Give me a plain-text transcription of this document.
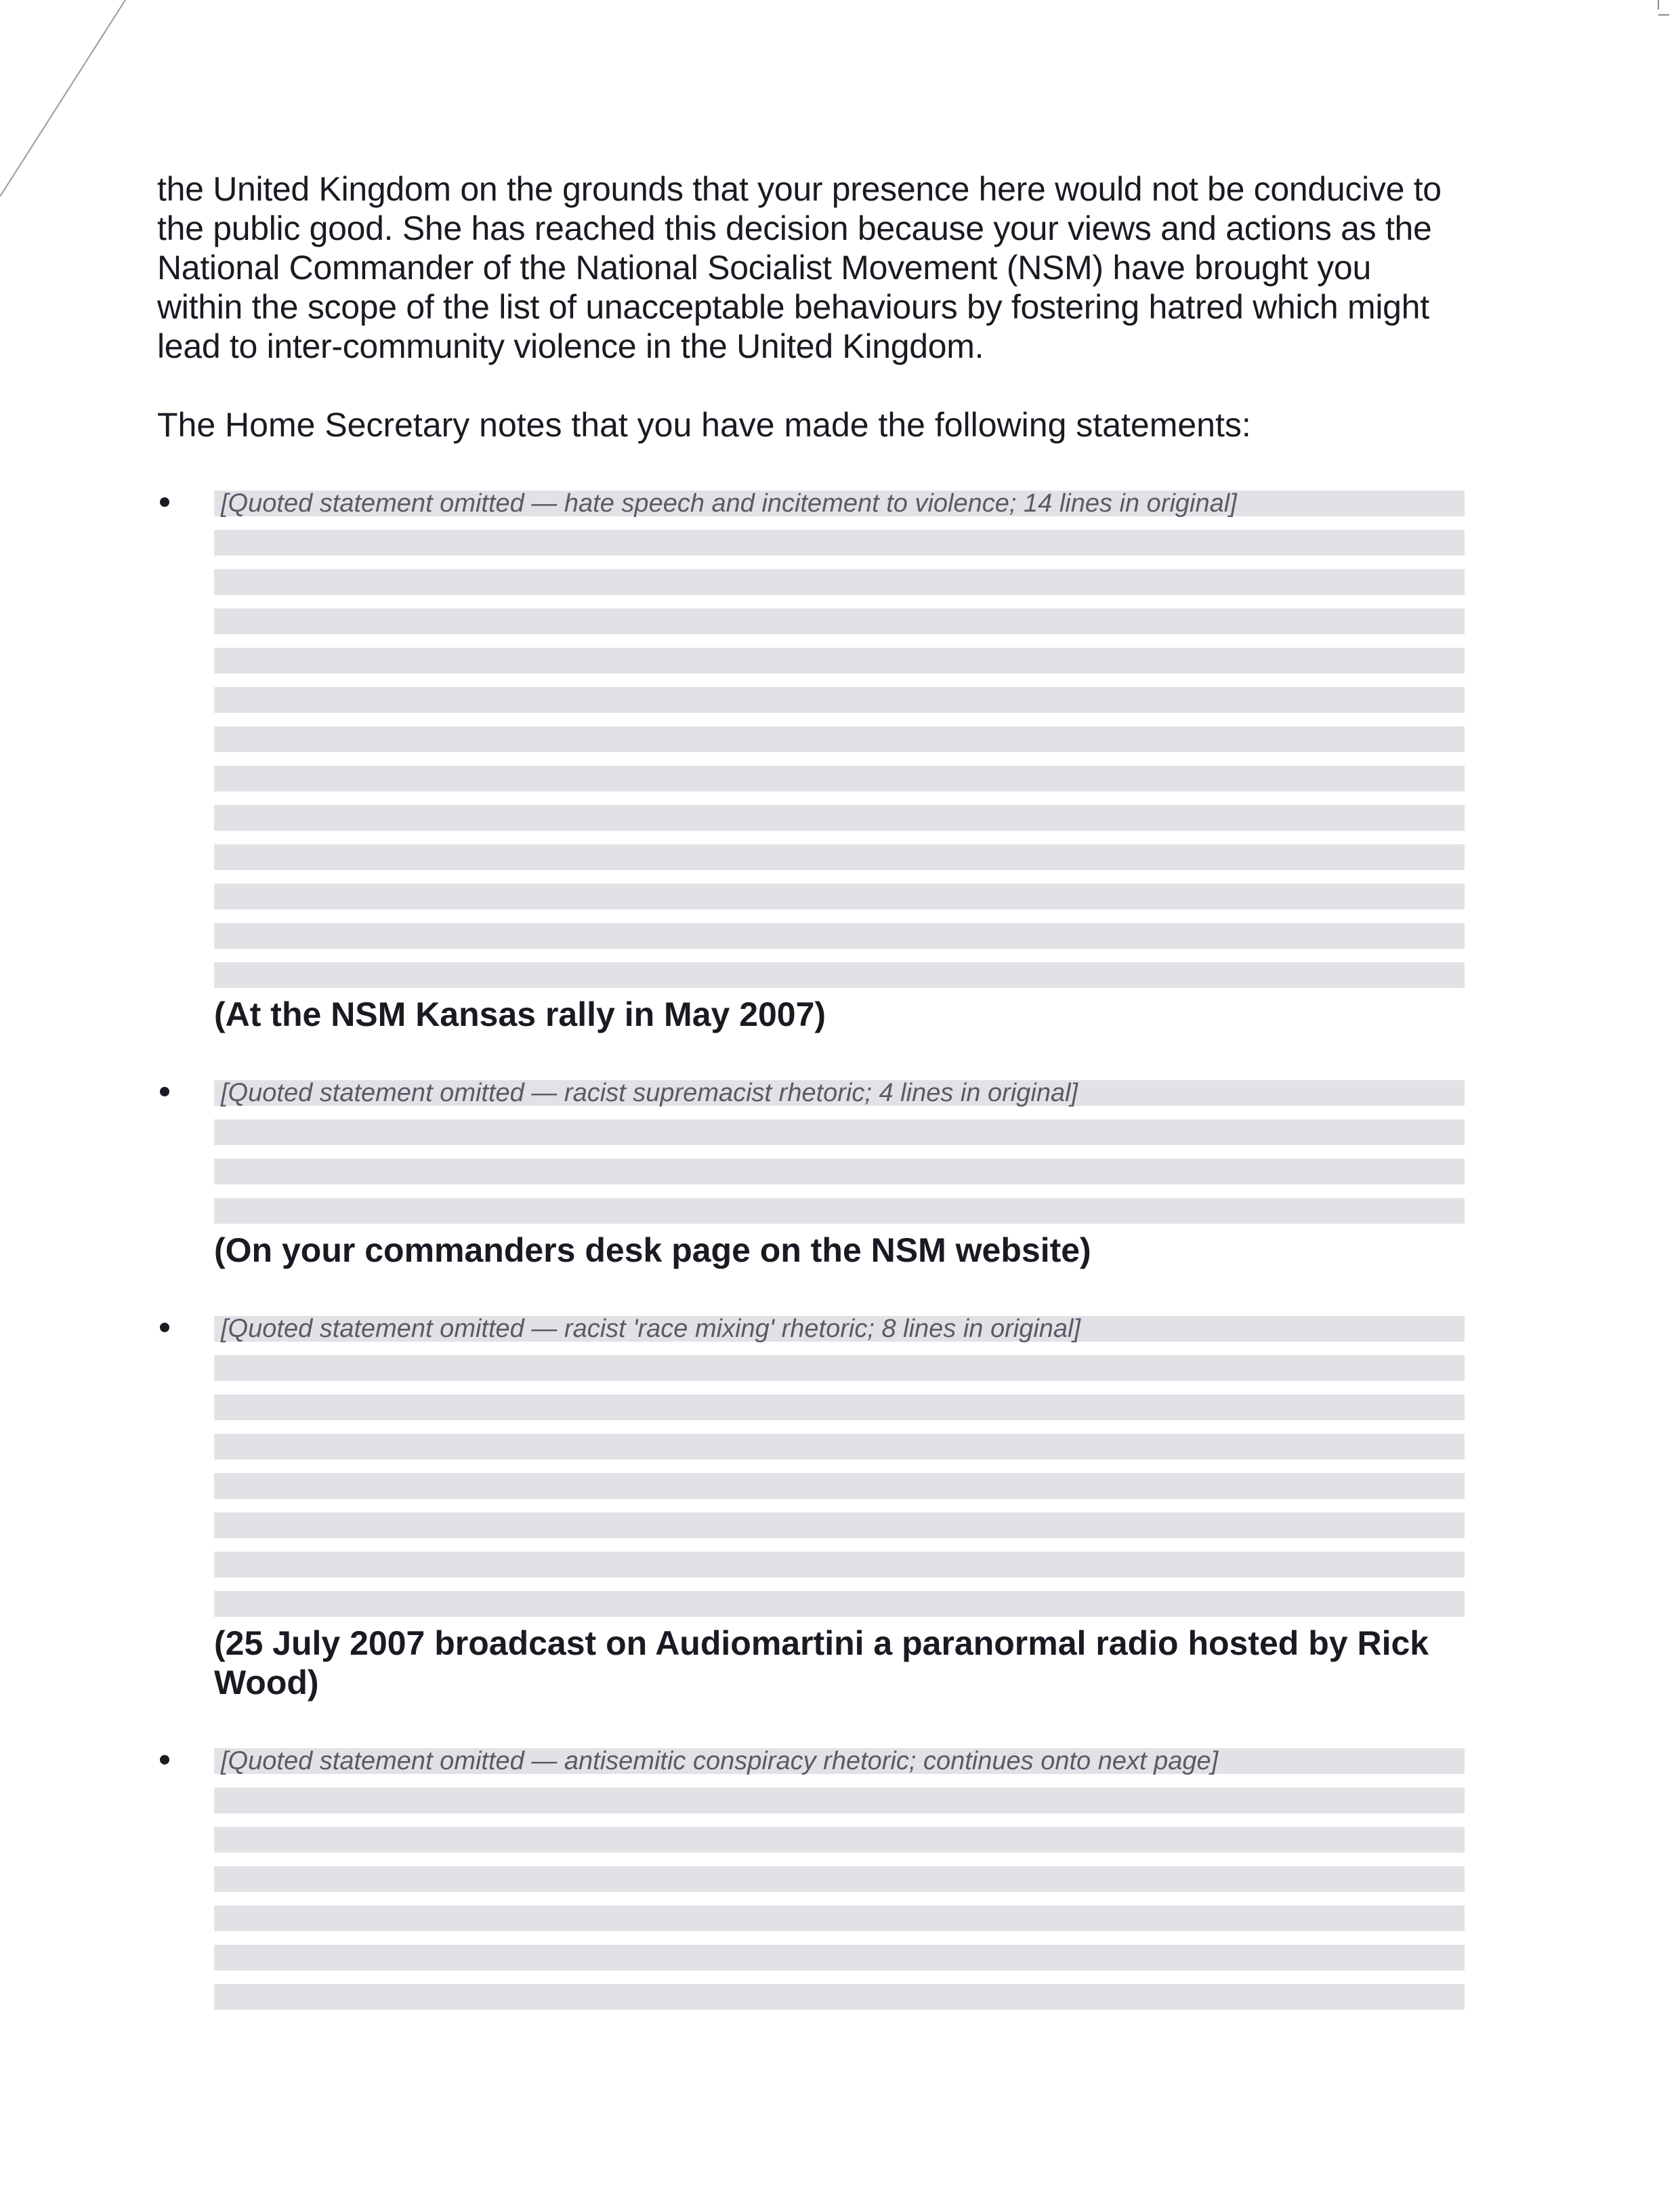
the United Kingdom on the grounds that your presence here would not be conducive to the public good. She has reached this decision because your views and actions as the National Commander of the National Socialist Movement (NSM) have brought you within the scope of the list of unacceptable behaviours by fostering hatred which might lead to inter-community violence in the United Kingdom.

The Home Secretary notes that you have made the following statements:

[Quoted statement omitted — hate speech and incitement to violence; 14 lines in original]
(At the NSM Kansas rally in May 2007)
[Quoted statement omitted — racist supremacist rhetoric; 4 lines in original]
(On your commanders desk page on the NSM website)
[Quoted statement omitted — racist 'race mixing' rhetoric; 8 lines in original]
(25 July 2007 broadcast on Audiomartini a paranormal radio hosted by Rick Wood)
[Quoted statement omitted — antisemitic conspiracy rhetoric; continues onto next page]
